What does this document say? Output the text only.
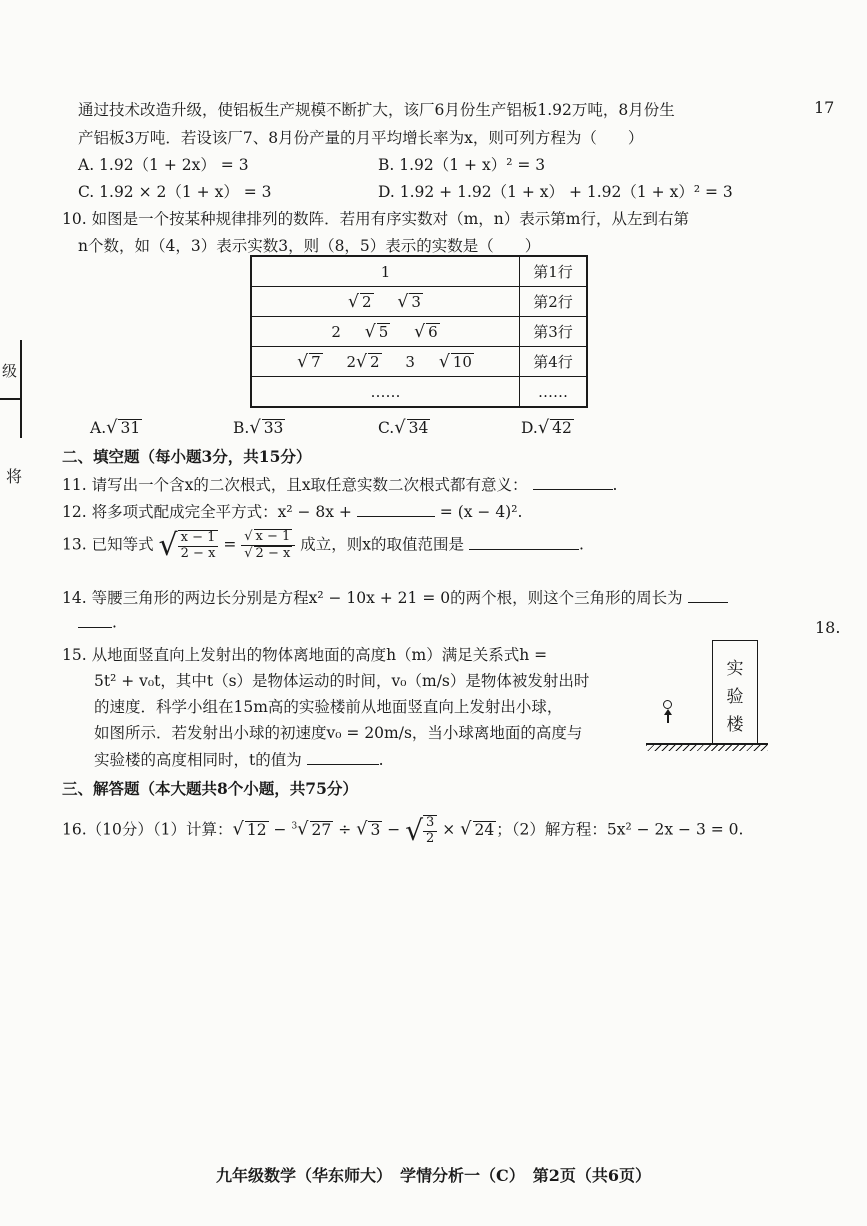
17
18.
级
将
通过技术改造升级，使铝板生产规模不断扩大，该厂6月份生产铝板1.92万吨，8月份生
产铝板3万吨．若设该厂7、8月份产量的月平均增长率为x，则可列方程为（　　）
A. 1.92（1 + 2x） = 3	B. 1.92（1 + x）² = 3
C. 1.92 × 2（1 + x） = 3	D. 1.92 + 1.92（1 + x） + 1.92（1 + x）² = 3
10. 如图是一个按某种规律排列的数阵．若用有序实数对（m，n）表示第m行，从左到右第
n个数，如（4，3）表示实数3，则（8，5）表示的实数是（　　）
1	第1行
√ 2 √ 3	第2行
2 √ 5 √ 6	第3行
√ 7 2√ 2 3 √ 10	第4行
……	……
A.√ 31	B.√ 33	C.√ 34	D.√ 42
二、填空题（每小题3分，共15分）
11. 请写出一个含x的二次根式，且x取任意实数二次根式都有意义：	.
12. 将多项式配成完全平方式：x² − 8x +	= (x − 4)².
13. 已知等式 √ $\frac{x - 1}{2 - x} = \frac{√ x - 1}{√ 2 - x}$ 成立，则x的取值范围是	.
14. 等腰三角形的两边长分别是方程x² − 10x + 21 = 0的两个根，则这个三角形的周长为
.
15. 从地面竖直向上发射出的物体离地面的高度h（m）满足关系式h =
5t² + v₀t，其中t（s）是物体运动的时间，v₀（m/s）是物体被发射出时
的速度．科学小组在15m高的实验楼前从地面竖直向上发射出小球，
如图所示．若发射出小球的初速度v₀ = 20m/s，当小球离地面的高度与
实验楼的高度相同时，t的值为	.
实
验
楼
三、解答题（本大题共8个小题，共75分）
16.（10分）（1）计算：√ 12 − $^3$√ 27 ÷ √ 3 − √ $\frac{3}{2}$ × √ 24 ；（2）解方程：5x² − 2x − 3 = 0.
九年级数学（华东师大）　学情分析一（C）　第2页（共6页）
